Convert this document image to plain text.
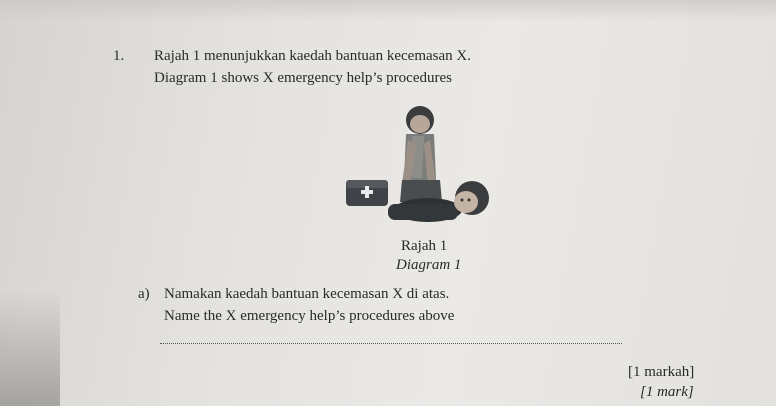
1. Rajah 1 menunjukkan kaedah bantuan kecemasan X.
Diagram 1 shows X emergency help’s procedures
Rajah 1
Diagram 1
a) Namakan kaedah bantuan kecemasan X di atas.
Name the X emergency help’s procedures above
[1 markah]
[1 mark]
